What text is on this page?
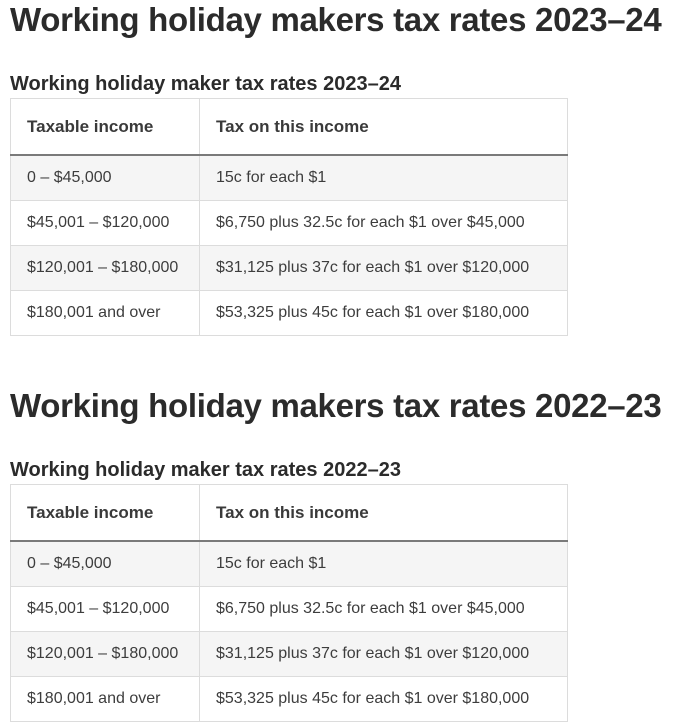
Working holiday makers tax rates 2023–24
Working holiday maker tax rates 2023–24
Taxable income	Tax on this income
0 – $45,000	15c for each $1
$45,001 – $120,000	$6,750 plus 32.5c for each $1 over $45,000
$120,001 – $180,000	$31,125 plus 37c for each $1 over $120,000
$180,001 and over	$53,325 plus 45c for each $1 over $180,000
Working holiday makers tax rates 2022–23
Working holiday maker tax rates 2022–23
Taxable income	Tax on this income
0 – $45,000	15c for each $1
$45,001 – $120,000	$6,750 plus 32.5c for each $1 over $45,000
$120,001 – $180,000	$31,125 plus 37c for each $1 over $120,000
$180,001 and over	$53,325 plus 45c for each $1 over $180,000
